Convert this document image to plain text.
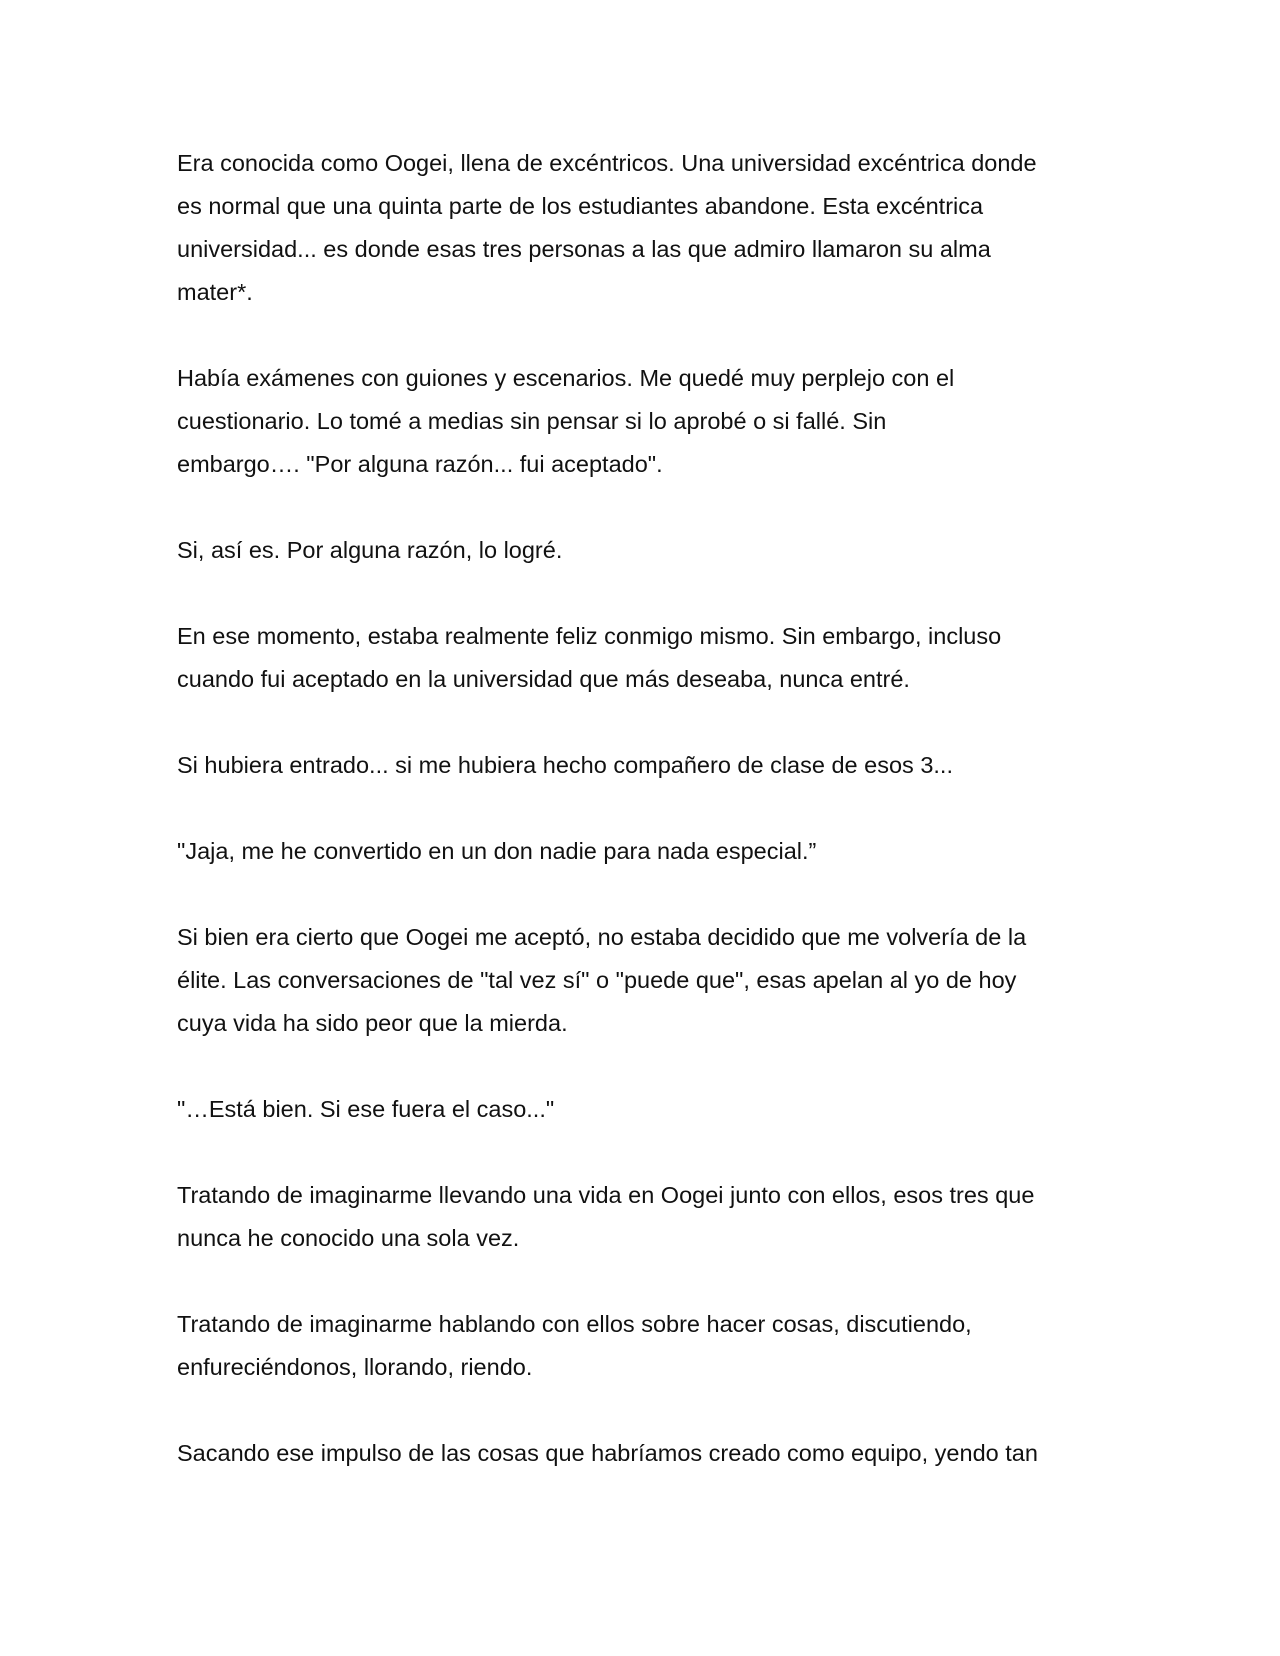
Era conocida como Oogei, llena de excéntricos. Una universidad excéntrica donde
es normal que una quinta parte de los estudiantes abandone. Esta excéntrica
universidad... es donde esas tres personas a las que admiro llamaron su alma
mater*.

Había exámenes con guiones y escenarios. Me quedé muy perplejo con el
cuestionario. Lo tomé a medias sin pensar si lo aprobé o si fallé. Sin
embargo…. "Por alguna razón... fui aceptado".

Si, así es. Por alguna razón, lo logré.

En ese momento, estaba realmente feliz conmigo mismo. Sin embargo, incluso
cuando fui aceptado en la universidad que más deseaba, nunca entré.

Si hubiera entrado... si me hubiera hecho compañero de clase de esos 3...

"Jaja, me he convertido en un don nadie para nada especial.”

Si bien era cierto que Oogei me aceptó, no estaba decidido que me volvería de la
élite. Las conversaciones de "tal vez sí" o "puede que", esas apelan al yo de hoy
cuya vida ha sido peor que la mierda.

"…Está bien. Si ese fuera el caso..."

Tratando de imaginarme llevando una vida en Oogei junto con ellos, esos tres que
nunca he conocido una sola vez.

Tratando de imaginarme hablando con ellos sobre hacer cosas, discutiendo,
enfureciéndonos, llorando, riendo.

Sacando ese impulso de las cosas que habríamos creado como equipo, yendo tan
